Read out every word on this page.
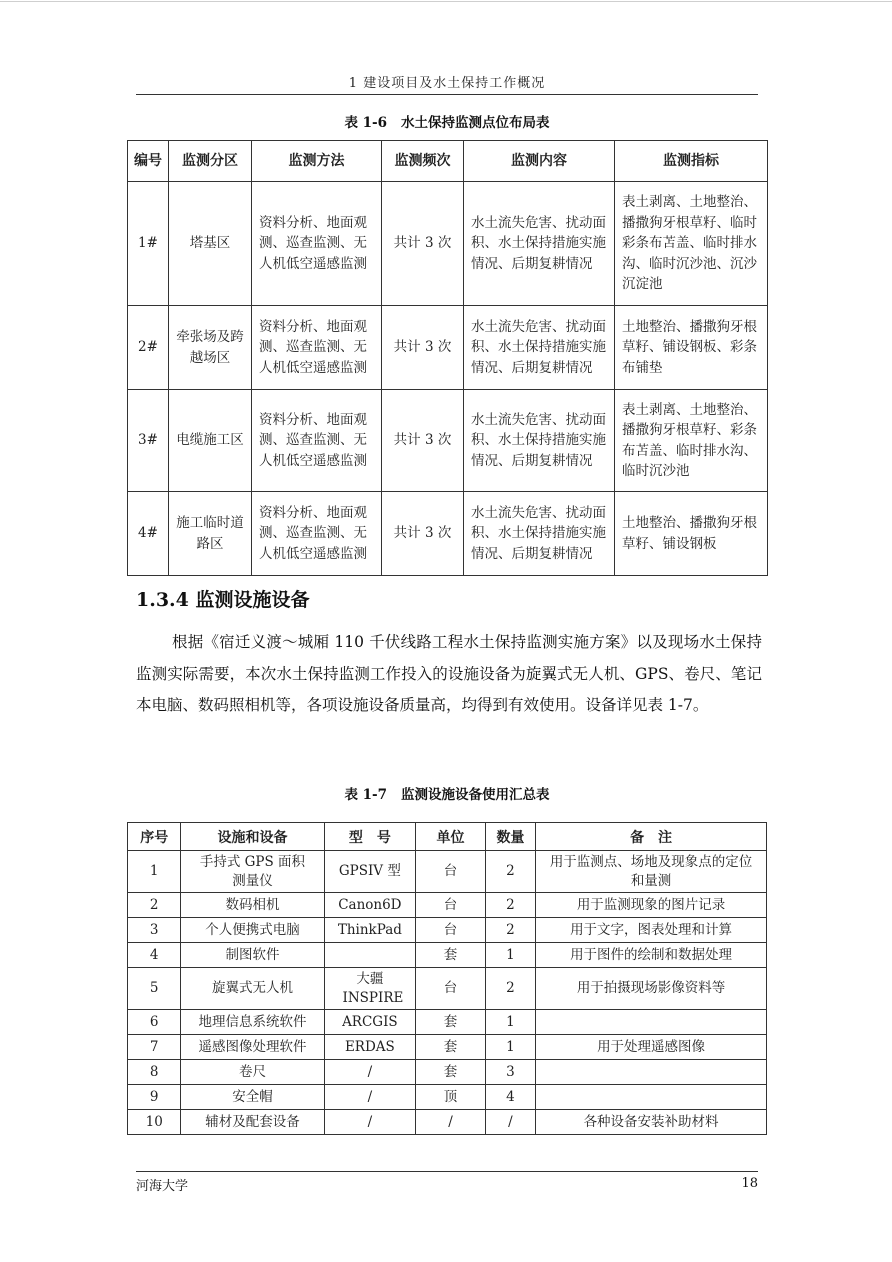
1 建设项目及水土保持工作概况
表 1-6 水土保持监测点位布局表
编号	监测分区	监测方法	监测频次	监测内容	监测指标
1#	塔基区	资料分析、地面观测、巡查监测、无人机低空遥感监测	共计 3 次	水土流失危害、扰动面积、水土保持措施实施情况、后期复耕情况	表土剥离、土地整治、播撒狗牙根草籽、临时彩条布苫盖、临时排水沟、临时沉沙池、沉沙沉淀池
2#	牵张场及跨越场区	资料分析、地面观测、巡查监测、无人机低空遥感监测	共计 3 次	水土流失危害、扰动面积、水土保持措施实施情况、后期复耕情况	土地整治、播撒狗牙根草籽、铺设钢板、彩条布铺垫
3#	电缆施工区	资料分析、地面观测、巡查监测、无人机低空遥感监测	共计 3 次	水土流失危害、扰动面积、水土保持措施实施情况、后期复耕情况	表土剥离、土地整治、播撒狗牙根草籽、彩条布苫盖、临时排水沟、临时沉沙池
4#	施工临时道路区	资料分析、地面观测、巡查监测、无人机低空遥感监测	共计 3 次	水土流失危害、扰动面积、水土保持措施实施情况、后期复耕情况	土地整治、播撒狗牙根草籽、铺设钢板
1.3.4 监测设施设备
根据《宿迁义渡～城厢 110 千伏线路工程水土保持监测实施方案》以及现场水土保持监测实际需要，本次水土保持监测工作投入的设施设备为旋翼式无人机、GPS、卷尺、笔记本电脑、数码照相机等，各项设施设备质量高，均得到有效使用。设备详见表 1-7。
表 1-7 监测设施设备使用汇总表
序号	设施和设备	型　号	单位	数量	备　注
1	手持式 GPS 面积测量仪	GPSIV 型	台	2	用于监测点、场地及现象点的定位和量测
2	数码相机	Canon6D	台	2	用于监测现象的图片记录
3	个人便携式电脑	ThinkPad	台	2	用于文字，图表处理和计算
4	制图软件		套	1	用于图件的绘制和数据处理
5	旋翼式无人机	大疆 INSPIRE	台	2	用于拍摄现场影像资料等
6	地理信息系统软件	ARCGIS	套	1	
7	遥感图像处理软件	ERDAS	套	1	用于处理遥感图像
8	卷尺	/	套	3	
9	安全帽	/	顶	4	
10	辅材及配套设备	/	/	/	各种设备安装补助材料
河海大学	18
